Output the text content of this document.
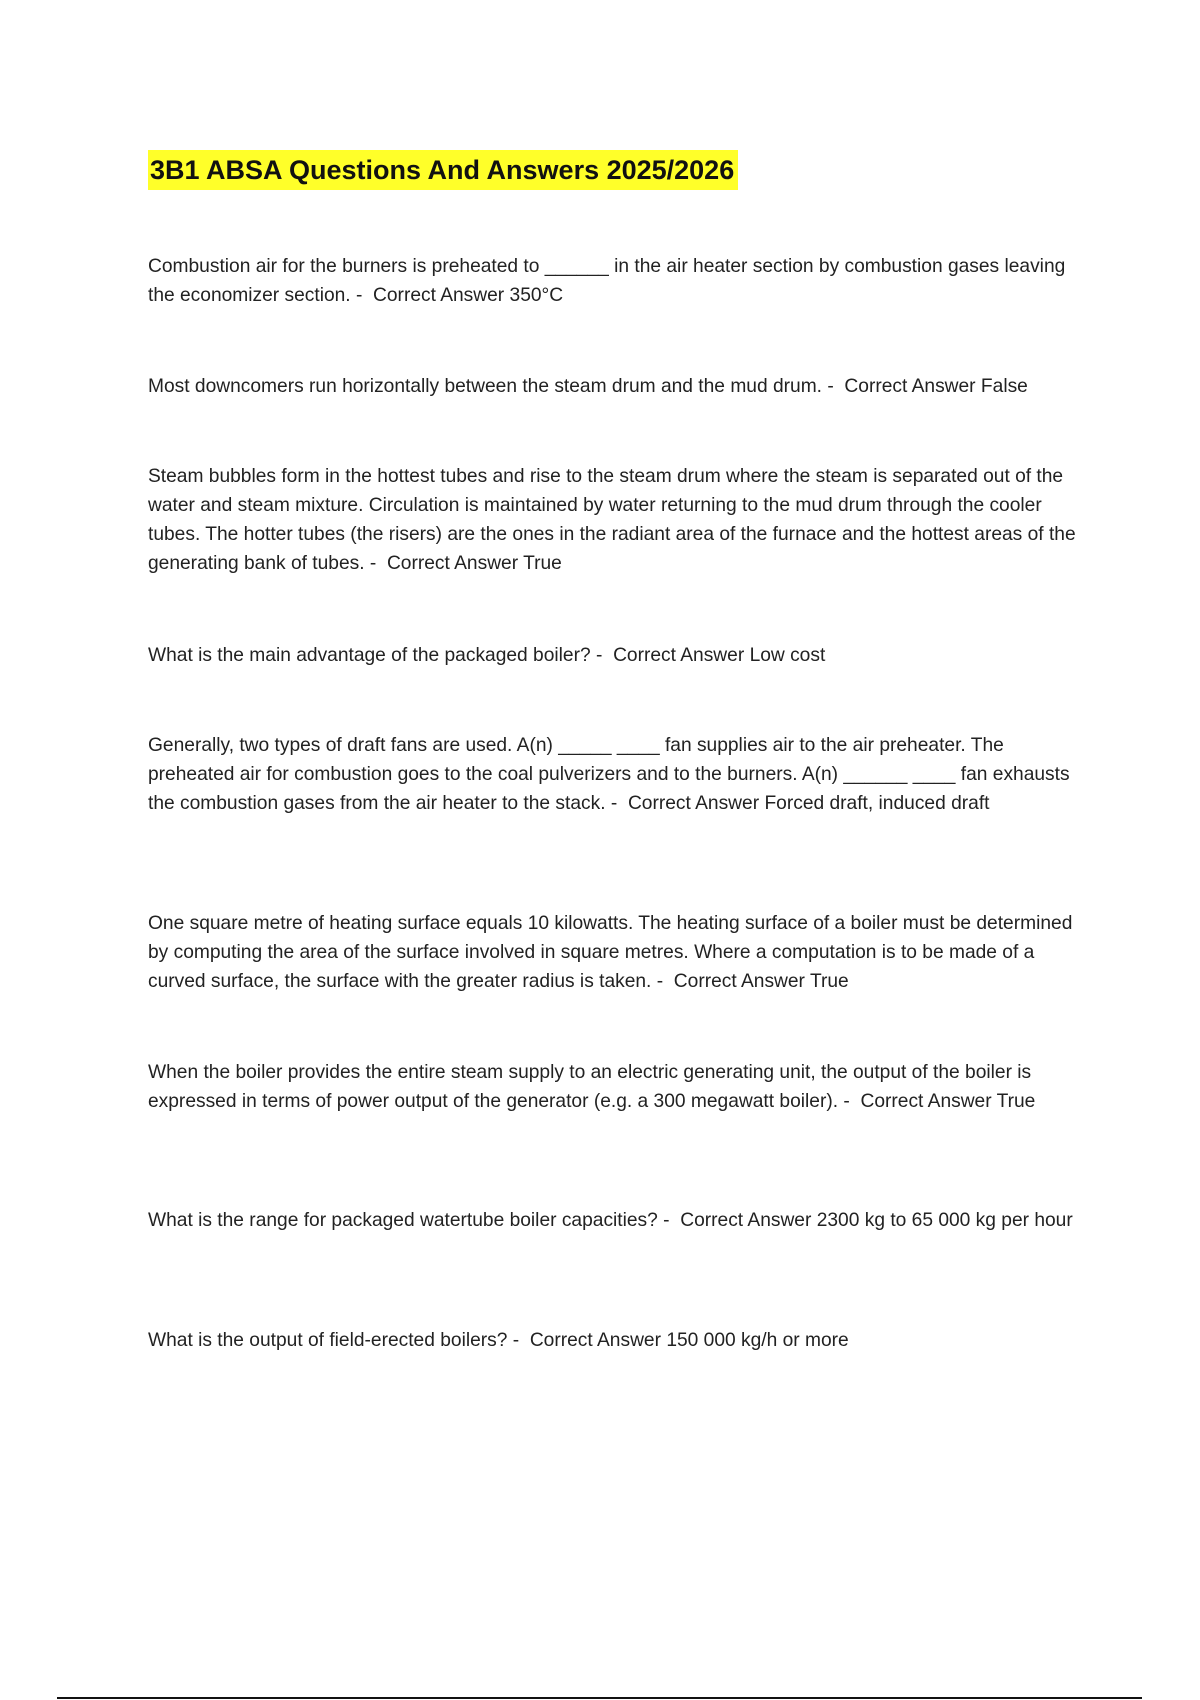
3B1 ABSA Questions And Answers 2025/2026

Combustion air for the burners is preheated to ______ in the air heater section by combustion gases leaving the economizer section. -  Correct Answer 350°C

Most downcomers run horizontally between the steam drum and the mud drum. -  Correct Answer False

Steam bubbles form in the hottest tubes and rise to the steam drum where the steam is separated out of the water and steam mixture. Circulation is maintained by water returning to the mud drum through the cooler tubes. The hotter tubes (the risers) are the ones in the radiant area of the furnace and the hottest areas of the generating bank of tubes. -  Correct Answer True

What is the main advantage of the packaged boiler? -  Correct Answer Low cost

Generally, two types of draft fans are used. A(n) _____ ____ fan supplies air to the air preheater. The preheated air for combustion goes to the coal pulverizers and to the burners. A(n) ______ ____ fan exhausts the combustion gases from the air heater to the stack. -  Correct Answer Forced draft, induced draft

One square metre of heating surface equals 10 kilowatts. The heating surface of a boiler must be determined by computing the area of the surface involved in square metres. Where a computation is to be made of a curved surface, the surface with the greater radius is taken. -  Correct Answer True

When the boiler provides the entire steam supply to an electric generating unit, the output of the boiler is expressed in terms of power output of the generator (e.g. a 300 megawatt boiler). -  Correct Answer True

What is the range for packaged watertube boiler capacities? -  Correct Answer 2300 kg to 65 000 kg per hour

What is the output of field-erected boilers? -  Correct Answer 150 000 kg/h or more
